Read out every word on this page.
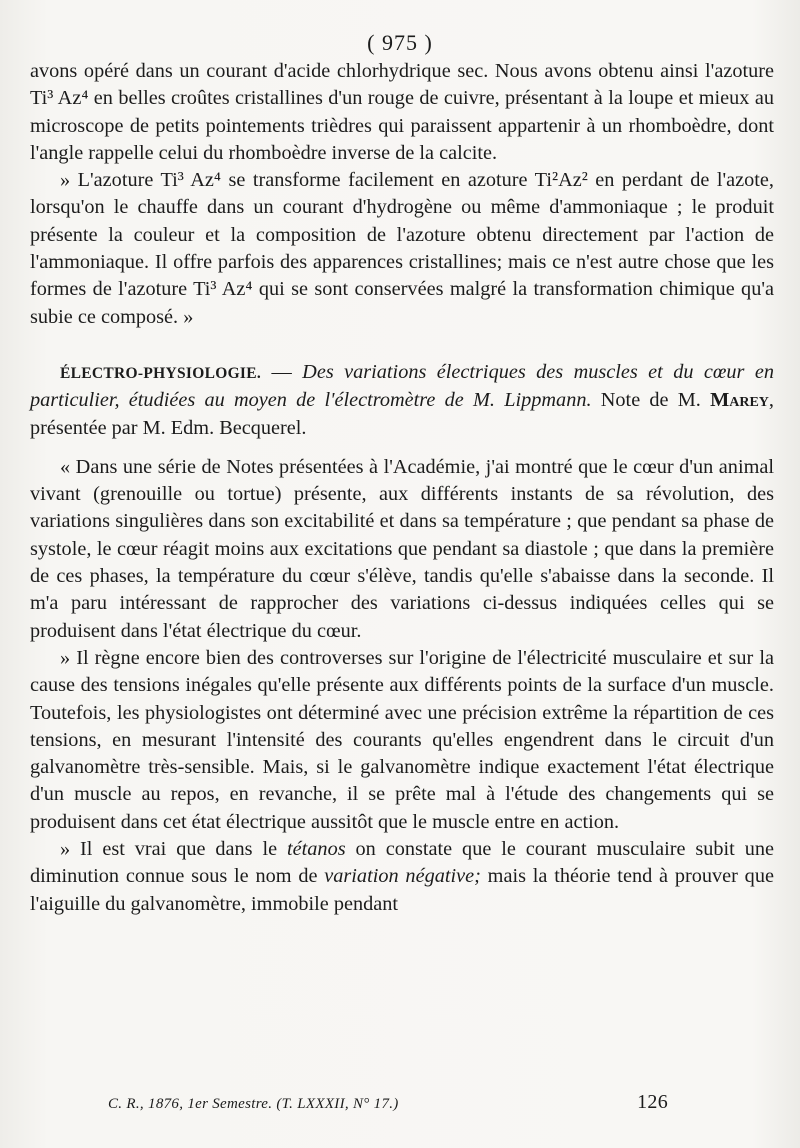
( 975 )

avons opéré dans un courant d'acide chlorhydrique sec. Nous avons obtenu ainsi l'azoture Ti³ Az⁴ en belles croûtes cristallines d'un rouge de cuivre, présentant à la loupe et mieux au microscope de petits pointements trièdres qui paraissent appartenir à un rhomboèdre, dont l'angle rappelle celui du rhomboèdre inverse de la calcite.

» L'azoture Ti³ Az⁴ se transforme facilement en azoture Ti²Az² en perdant de l'azote, lorsqu'on le chauffe dans un courant d'hydrogène ou même d'ammoniaque ; le produit présente la couleur et la composition de l'azoture obtenu directement par l'action de l'ammoniaque. Il offre parfois des apparences cristallines; mais ce n'est autre chose que les formes de l'azoture Ti³ Az⁴ qui se sont conservées malgré la transformation chimique qu'a subie ce composé. »

ÉLECTRO-PHYSIOLOGIE. — Des variations électriques des muscles et du cœur en particulier, étudiées au moyen de l'électromètre de M. Lippmann. Note de M. Marey, présentée par M. Edm. Becquerel.

« Dans une série de Notes présentées à l'Académie, j'ai montré que le cœur d'un animal vivant (grenouille ou tortue) présente, aux différents instants de sa révolution, des variations singulières dans son excitabilité et dans sa température ; que pendant sa phase de systole, le cœur réagit moins aux excitations que pendant sa diastole ; que dans la première de ces phases, la température du cœur s'élève, tandis qu'elle s'abaisse dans la seconde. Il m'a paru intéressant de rapprocher des variations ci-dessus indiquées celles qui se produisent dans l'état électrique du cœur.

» Il règne encore bien des controverses sur l'origine de l'électricité musculaire et sur la cause des tensions inégales qu'elle présente aux différents points de la surface d'un muscle. Toutefois, les physiologistes ont déterminé avec une précision extrême la répartition de ces tensions, en mesurant l'intensité des courants qu'elles engendrent dans le circuit d'un galvanomètre très-sensible. Mais, si le galvanomètre indique exactement l'état électrique d'un muscle au repos, en revanche, il se prête mal à l'étude des changements qui se produisent dans cet état électrique aussitôt que le muscle entre en action.

» Il est vrai que dans le tétanos on constate que le courant musculaire subit une diminution connue sous le nom de variation négative; mais la théorie tend à prouver que l'aiguille du galvanomètre, immobile pendant

C. R., 1876, 1er Semestre. (T. LXXXII, N° 17.)	126
